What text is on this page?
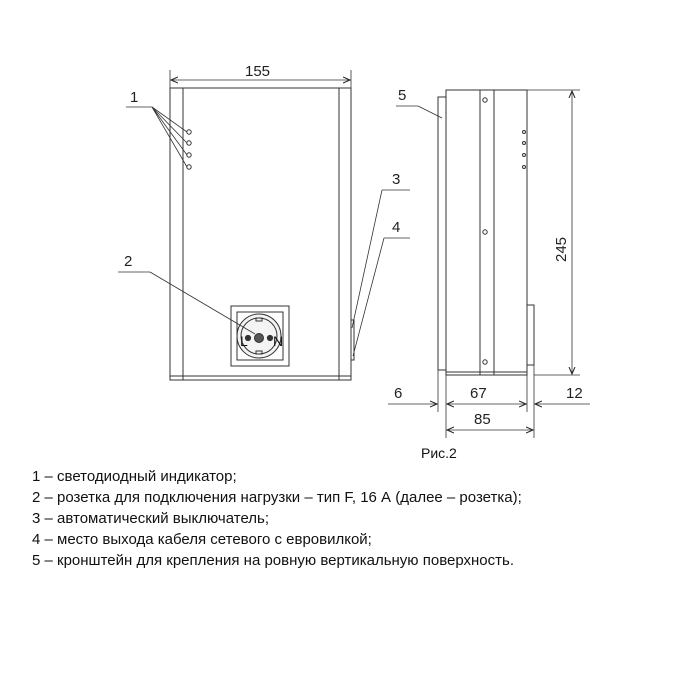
L N
155
1
2
3
4
5
245
6	67	12
85
Рис.2
1 – светодиодный индикатор;
2 – розетка для подключения нагрузки – тип F, 16 А (далее – розетка);
3 – автоматический выключатель;
4 – место выхода кабеля сетевого с евровилкой;
5 – кронштейн для крепления на ровную вертикальную поверхность.
